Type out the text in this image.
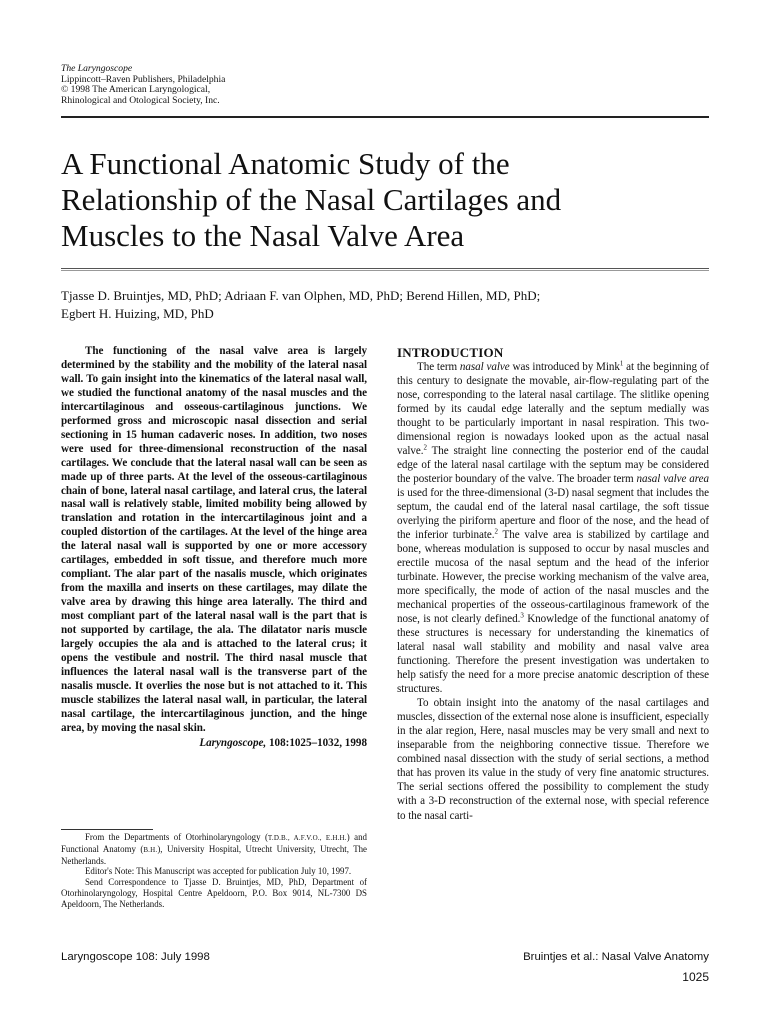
The Laryngoscope
Lippincott–Raven Publishers, Philadelphia
© 1998 The American Laryngological,
Rhinological and Otological Society, Inc.
A Functional Anatomic Study of the
Relationship of the Nasal Cartilages and
Muscles to the Nasal Valve Area
Tjasse D. Bruintjes, MD, PhD; Adriaan F. van Olphen, MD, PhD; Berend Hillen, MD, PhD;
Egbert H. Huizing, MD, PhD

The functioning of the nasal valve area is largely determined by the stability and the mobility of the lateral nasal wall. To gain insight into the kinematics of the lateral nasal wall, we studied the functional anatomy of the nasal muscles and the intercartilaginous and osseous-cartilaginous junctions. We performed gross and microscopic nasal dissection and serial sectioning in 15 human cadaveric noses. In addition, two noses were used for three-dimensional reconstruction of the nasal cartilages. We conclude that the lateral nasal wall can be seen as made up of three parts. At the level of the osseous-cartilaginous chain of bone, lateral nasal cartilage, and lateral crus, the lateral nasal wall is relatively stable, limited mobility being allowed by translation and rotation in the intercartilaginous joint and a coupled distortion of the cartilages. At the level of the hinge area the lateral nasal wall is supported by one or more accessory cartilages, embedded in soft tissue, and therefore much more compliant. The alar part of the nasalis muscle, which originates from the maxilla and inserts on these cartilages, may dilate the valve area by drawing this hinge area laterally. The third and most compliant part of the lateral nasal wall is the part that is not supported by cartilage, the ala. The dilatator naris muscle largely occupies the ala and is attached to the lateral crus; it opens the vestibule and nostril. The third nasal muscle that influences the lateral nasal wall is the transverse part of the nasalis muscle. It overlies the nose but is not attached to it. This muscle stabilizes the lateral nasal wall, in particular, the lateral nasal cartilage, the intercartilaginous junction, and the hinge area, by moving the nasal skin.

Laryngoscope, 108:1025–1032, 1998

From the Departments of Otorhinolaryngology (T.D.B., A.F.V.O., E.H.H.) and Functional Anatomy (B.H.), University Hospital, Utrecht University, Utrecht, The Netherlands.

Editor's Note: This Manuscript was accepted for publication July 10, 1997.

Send Correspondence to Tjasse D. Bruintjes, MD, PhD, Department of Otorhinolaryngology, Hospital Centre Apeldoorn, P.O. Box 9014, NL-7300 DS Apeldoorn, The Netherlands.

INTRODUCTION

The term nasal valve was introduced by Mink$^1$ at the beginning of this century to designate the movable, air-flow-regulating part of the nose, corresponding to the lateral nasal cartilage. The slitlike opening formed by its caudal edge laterally and the septum medially was thought to be particularly important in nasal respiration. This two-dimensional region is nowadays looked upon as the actual nasal valve.$^2$ The straight line connecting the posterior end of the caudal edge of the lateral nasal cartilage with the septum may be considered the posterior boundary of the valve. The broader term nasal valve area is used for the three-dimensional (3-D) nasal segment that includes the septum, the caudal end of the lateral nasal cartilage, the soft tissue overlying the piriform aperture and floor of the nose, and the head of the inferior turbinate.$^2$ The valve area is stabilized by cartilage and bone, whereas modulation is supposed to occur by nasal muscles and erectile mucosa of the nasal septum and the head of the inferior turbinate. However, the precise working mechanism of the valve area, more specifically, the mode of action of the nasal muscles and the mechanical properties of the osseous-cartilaginous framework of the nose, is not clearly defined.$^3$ Knowledge of the functional anatomy of these structures is necessary for understanding the kinematics of lateral nasal wall stability and mobility and nasal valve area functioning. Therefore the present investigation was undertaken to help satisfy the need for a more precise anatomic description of these structures.

To obtain insight into the anatomy of the nasal cartilages and muscles, dissection of the external nose alone is insufficient, especially in the alar region, Here, nasal muscles may be very small and next to inseparable from the neighboring connective tissue. Therefore we combined nasal dissection with the study of serial sections, a method that has proven its value in the study of very fine anatomic structures. The serial sections offered the possibility to complement the study with a 3-D reconstruction of the external nose, with special reference to the nasal carti-

Laryngoscope 108: July 1998	Bruintjes et al.: Nasal Valve Anatomy
1025
